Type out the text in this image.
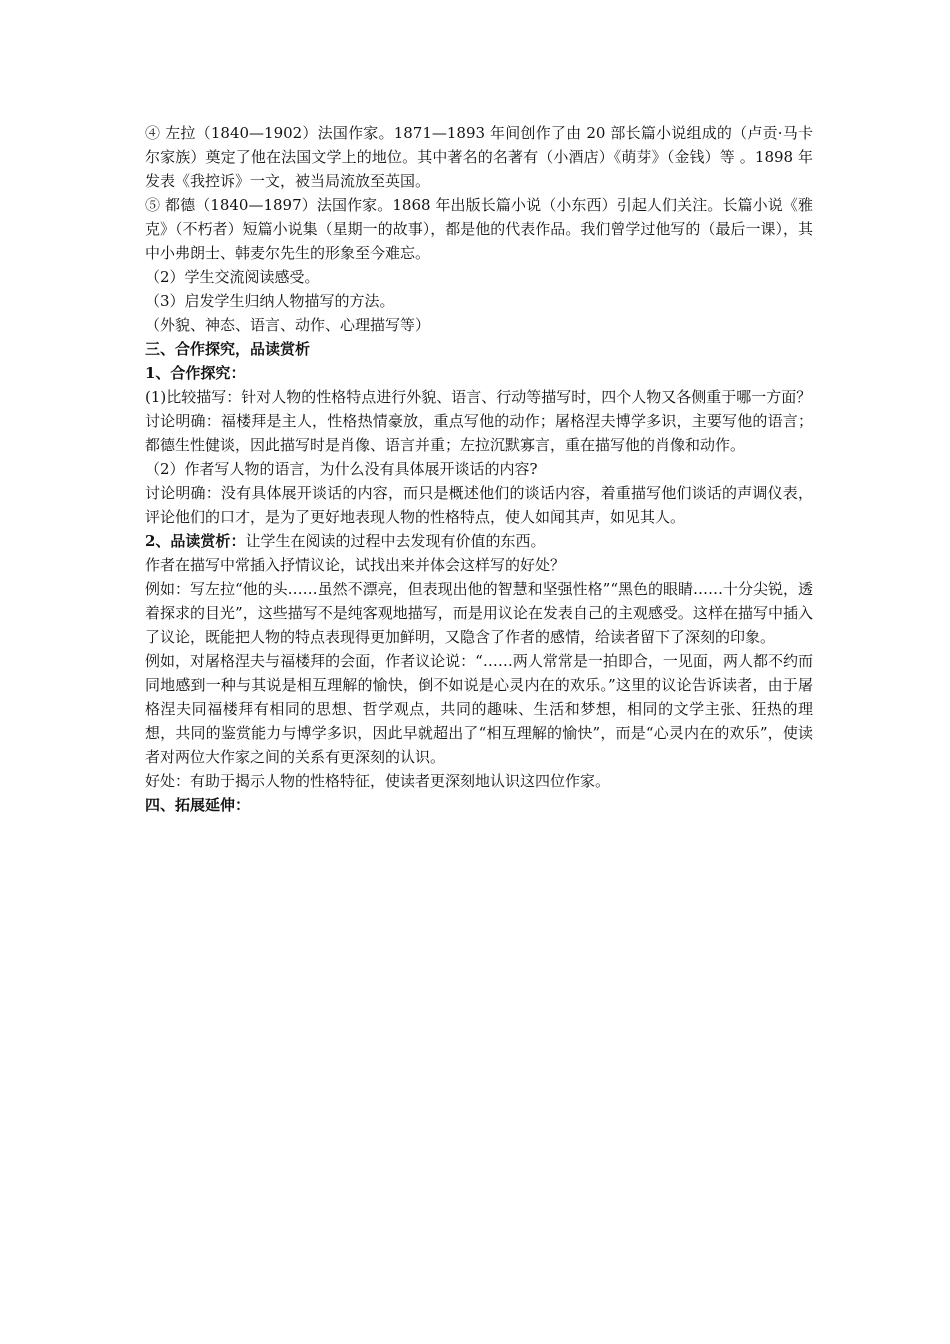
④ 左拉（1840—1902）法国作家。1871—1893 年间创作了由 20 部长篇小说组成的（卢贡·马卡尔家族）奠定了他在法国文学上的地位。其中著名的名著有（小酒店）《萌芽》（金钱）等 。1898 年发表《我控诉》一文，被当局流放至英国。

⑤ 都德（1840—1897）法国作家。1868 年出版长篇小说（小东西）引起人们关注。长篇小说《雅克》（不朽者）短篇小说集（星期一的故事），都是他的代表作品。我们曾学过他写的（最后一课），其中小弗朗士、韩麦尔先生的形象至今难忘。

（2）学生交流阅读感受。

（3）启发学生归纳人物描写的方法。

（外貌、神态、语言、动作、心理描写等）

三、合作探究，品读赏析

1、合作探究：

(1)比较描写：针对人物的性格特点进行外貌、语言、行动等描写时，四个人物又各侧重于哪一方面？

讨论明确：福楼拜是主人，性格热情豪放，重点写他的动作；屠格涅夫博学多识，主要写他的语言；都德生性健谈，因此描写时是肖像、语言并重；左拉沉默寡言，重在描写他的肖像和动作。

（2）作者写人物的语言，为什么没有具体展开谈话的内容?

讨论明确：没有具体展开谈话的内容，而只是概述他们的谈话内容，着重描写他们谈话的声调仪表，评论他们的口才，是为了更好地表现人物的性格特点，使人如闻其声，如见其人。

2、品读赏析：让学生在阅读的过程中去发现有价值的东西。

作者在描写中常插入抒情议论，试找出来并体会这样写的好处？

例如：写左拉“他的头……虽然不漂亮，但表现出他的智慧和坚强性格”“黑色的眼睛……十分尖锐，透着探求的目光”，这些描写不是纯客观地描写，而是用议论在发表自己的主观感受。这样在描写中插入了议论，既能把人物的特点表现得更加鲜明，又隐含了作者的感情，给读者留下了深刻的印象。

例如，对屠格涅夫与福楼拜的会面，作者议论说：“……两人常常是一拍即合，一见面，两人都不约而同地感到一种与其说是相互理解的愉快，倒不如说是心灵内在的欢乐。”这里的议论告诉读者，由于屠格涅夫同福楼拜有相同的思想、哲学观点，共同的趣味、生活和梦想，相同的文学主张、狂热的理想，共同的鉴赏能力与博学多识，因此早就超出了“相互理解的愉快”，而是“心灵内在的欢乐”，使读者对两位大作家之间的关系有更深刻的认识。

好处：有助于揭示人物的性格特征，使读者更深刻地认识这四位作家。

四、拓展延伸：
